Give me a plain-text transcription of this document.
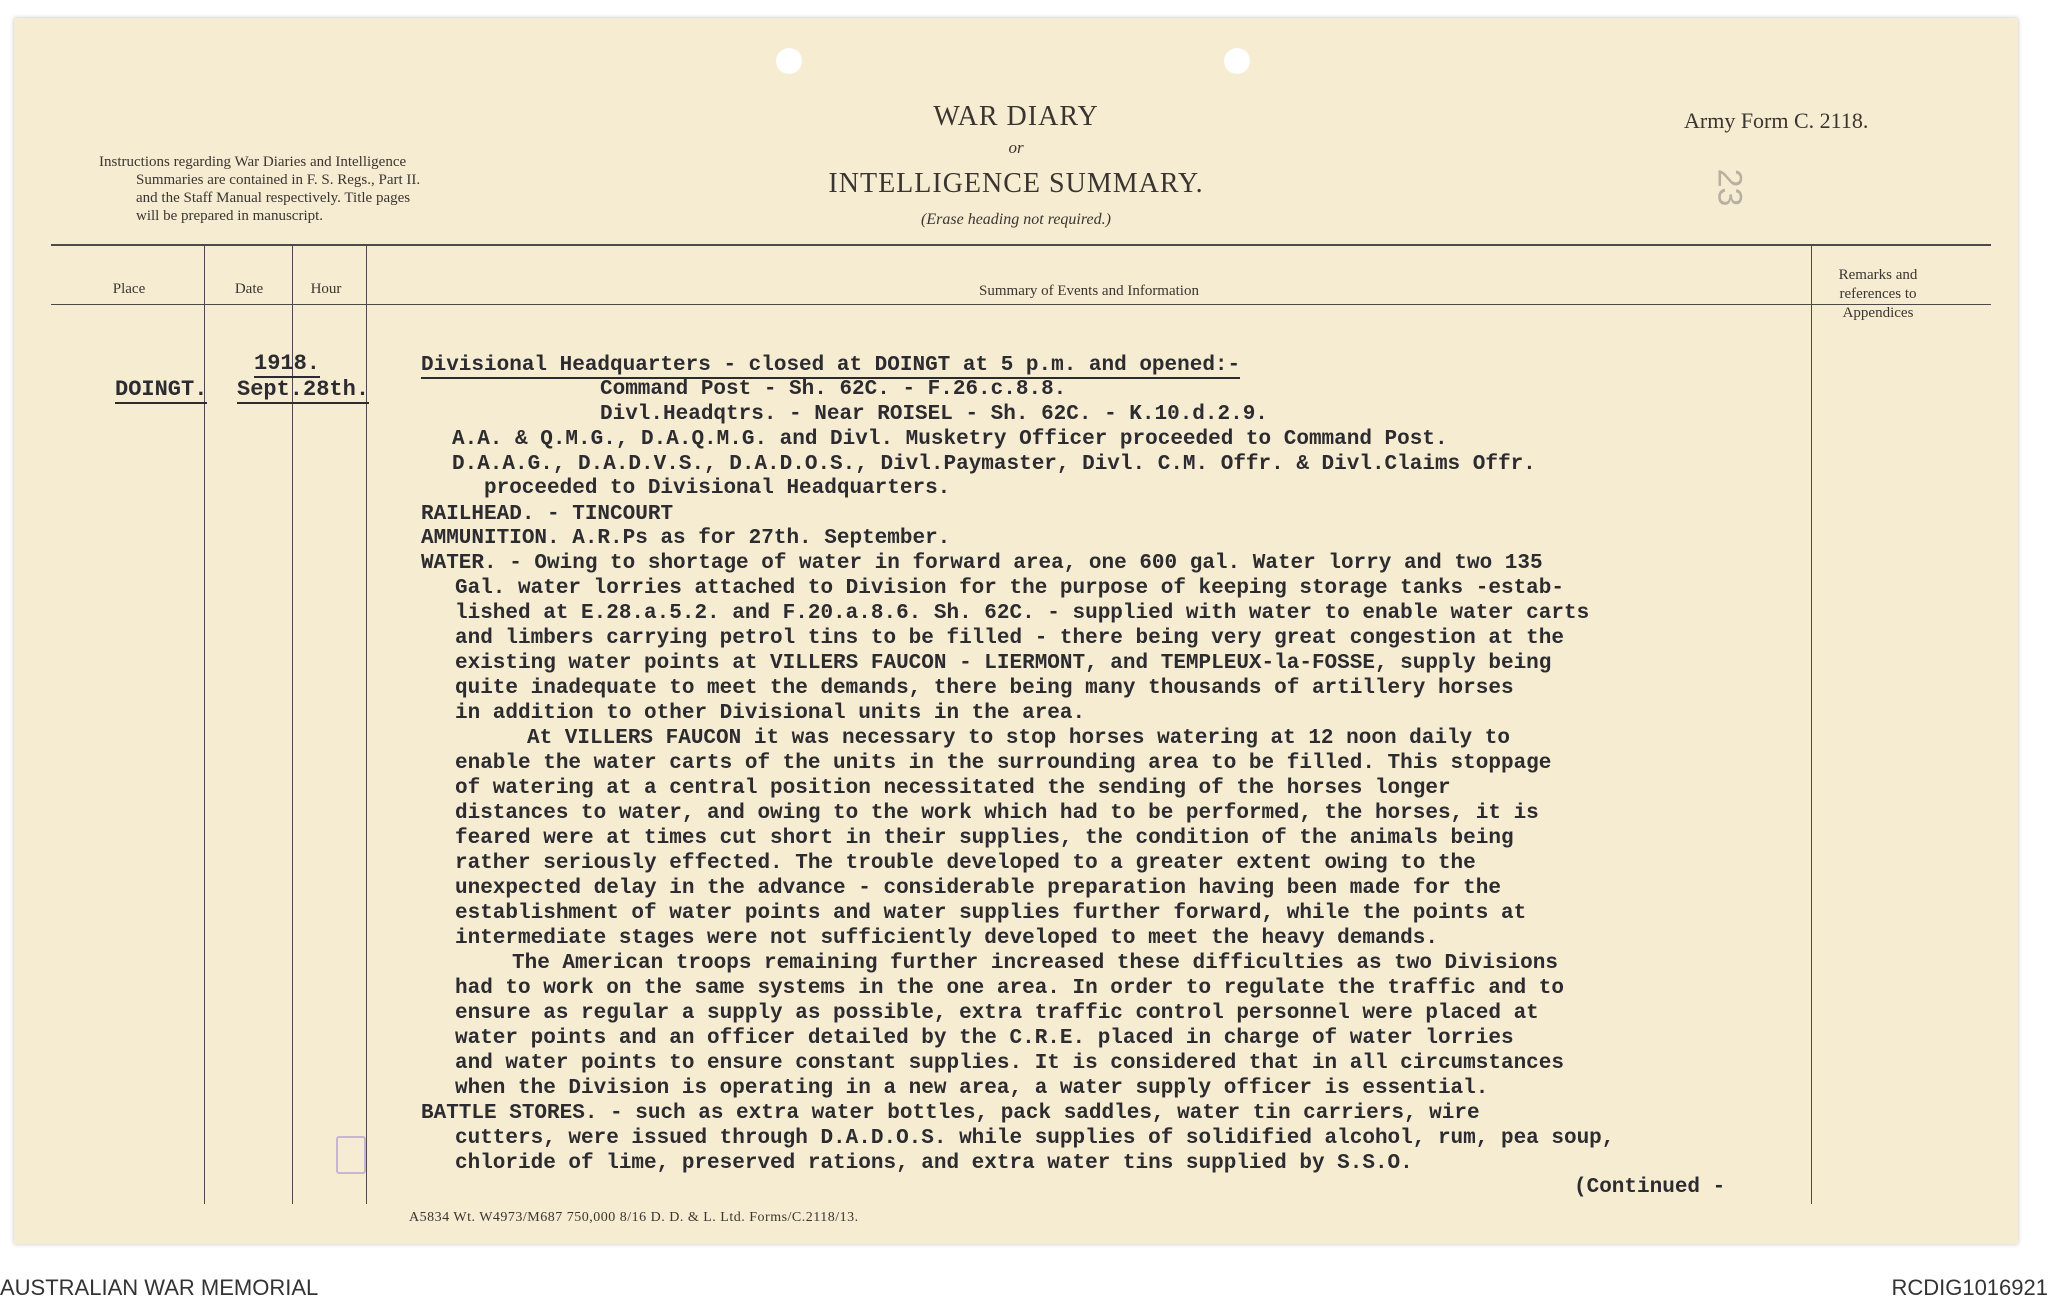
Instructions regarding War Diaries and Intelligence
Summaries are contained in F. S. Regs., Part II.
and the Staff Manual respectively. Title pages
will be prepared in manuscript.
WAR DIARY
or
INTELLIGENCE SUMMARY.
(Erase heading not required.)
Army Form C. 2118.
23
Place	Date	Hour	Summary of Events and Information
Remarks and
references to
Appendices
1918.
DOINGT. Sept.28th.
Divisional Headquarters - closed at DOINGT at 5 p.m. and opened:-
Command Post - Sh. 62C. - F.26.c.8.8.
Divl.Headqtrs. - Near ROISEL - Sh. 62C. - K.10.d.2.9.
A.A. & Q.M.G., D.A.Q.M.G. and Divl. Musketry Officer proceeded to Command Post.
D.A.A.G., D.A.D.V.S., D.A.D.O.S., Divl.Paymaster, Divl. C.M. Offr. & Divl.Claims Offr.
proceeded to Divisional Headquarters.
RAILHEAD. - TINCOURT
AMMUNITION. A.R.Ps as for 27th. September.
WATER. - Owing to shortage of water in forward area, one 600 gal. Water lorry and two 135
Gal. water lorries attached to Division for the purpose of keeping storage tanks -estab-
lished at E.28.a.5.2. and F.20.a.8.6. Sh. 62C. - supplied with water to enable water carts
and limbers carrying petrol tins to be filled - there being very great congestion at the
existing water points at VILLERS FAUCON - LIERMONT, and TEMPLEUX-la-FOSSE, supply being
quite inadequate to meet the demands, there being many thousands of artillery horses
in addition to other Divisional units in the area.
At VILLERS FAUCON it was necessary to stop horses watering at 12 noon daily to
enable the water carts of the units in the surrounding area to be filled. This stoppage
of watering at a central position necessitated the sending of the horses longer
distances to water, and owing to the work which had to be performed, the horses, it is
feared were at times cut short in their supplies, the condition of the animals being
rather seriously effected. The trouble developed to a greater extent owing to the
unexpected delay in the advance - considerable preparation having been made for the
establishment of water points and water supplies further forward, while the points at
intermediate stages were not sufficiently developed to meet the heavy demands.
The American troops remaining further increased these difficulties as two Divisions
had to work on the same systems in the one area. In order to regulate the traffic and to
ensure as regular a supply as possible, extra traffic control personnel were placed at
water points and an officer detailed by the C.R.E. placed in charge of water lorries
and water points to ensure constant supplies. It is considered that in all circumstances
when the Division is operating in a new area, a water supply officer is essential.
BATTLE STORES. - such as extra water bottles, pack saddles, water tin carriers, wire
cutters, were issued through D.A.D.O.S. while supplies of solidified alcohol, rum, pea soup,
chloride of lime, preserved rations, and extra water tins supplied by S.S.O.
(Continued -
A5834 Wt. W4973/M687 750,000 8/16 D. D. & L. Ltd. Forms/C.2118/13.
AUSTRALIAN WAR MEMORIAL	RCDIG1016921
